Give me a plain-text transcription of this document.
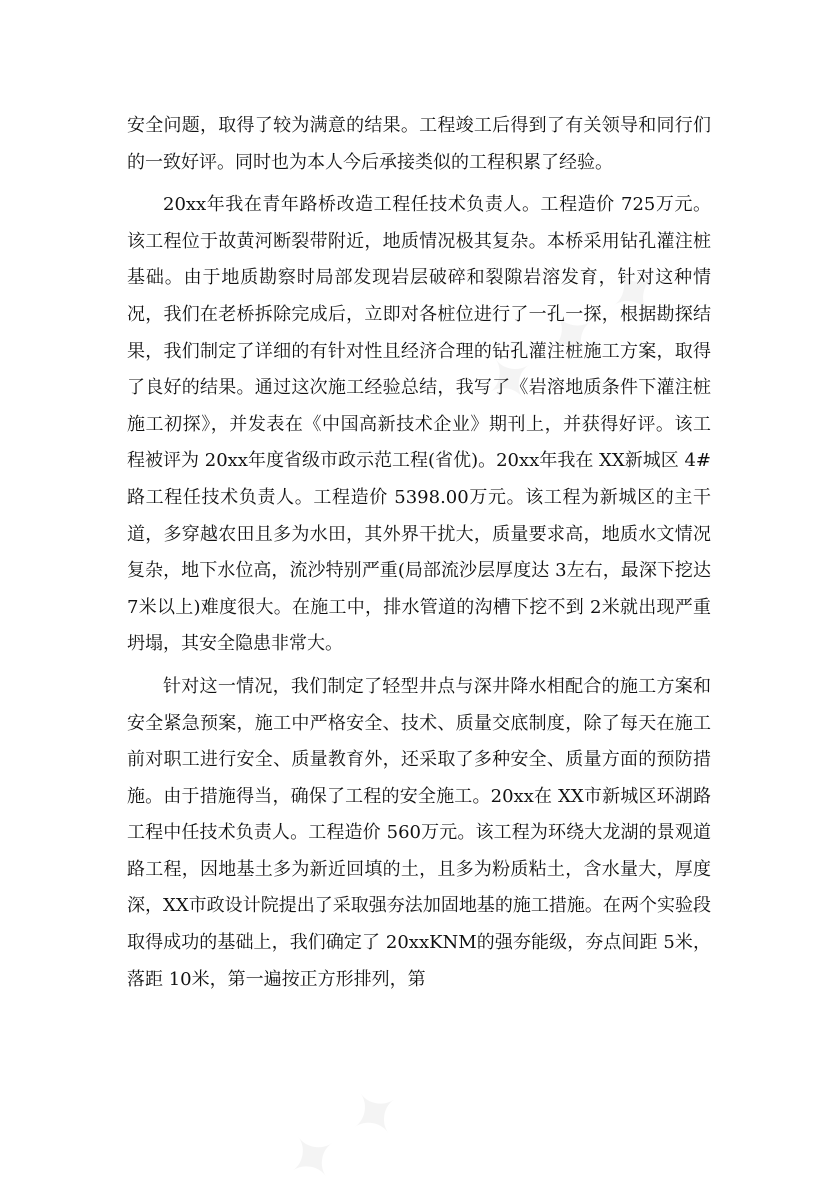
安全问题，取得了较为满意的结果。工程竣工后得到了有关领导和同行们的一致好评。同时也为本人今后承接类似的工程积累了经验。

20xx年我在青年路桥改造工程任技术负责人。工程造价 725万元。该工程位于故黄河断裂带附近，地质情况极其复杂。本桥采用钻孔灌注桩基础。由于地质勘察时局部发现岩层破碎和裂隙岩溶发育，针对这种情况，我们在老桥拆除完成后，立即对各桩位进行了一孔一探，根据勘探结果，我们制定了详细的有针对性且经济合理的钻孔灌注桩施工方案，取得了良好的结果。通过这次施工经验总结，我写了《岩溶地质条件下灌注桩施工初探》，并发表在《中国高新技术企业》期刊上，并获得好评。该工程被评为 20xx年度省级市政示范工程(省优)。20xx年我在 XX新城区 4#路工程任技术负责人。工程造价 5398.00万元。该工程为新城区的主干道，多穿越农田且多为水田，其外界干扰大，质量要求高，地质水文情况复杂，地下水位高，流沙特别严重(局部流沙层厚度达 3左右，最深下挖达 7米以上)难度很大。在施工中，排水管道的沟槽下挖不到 2米就出现严重坍塌，其安全隐患非常大。

针对这一情况，我们制定了轻型井点与深井降水相配合的施工方案和安全紧急预案，施工中严格安全、技术、质量交底制度，除了每天在施工前对职工进行安全、质量教育外，还采取了多种安全、质量方面的预防措施。由于措施得当，确保了工程的安全施工。20xx在 XX市新城区环湖路工程中任技术负责人。工程造价 560万元。该工程为环绕大龙湖的景观道路工程，因地基土多为新近回填的土，且多为粉质粘土，含水量大，厚度深，XX市政设计院提出了采取强夯法加固地基的施工措施。在两个实验段取得成功的基础上，我们确定了 20xxKNM的强夯能级，夯点间距 5米，落距 10米，第一遍按正方形排列，第
